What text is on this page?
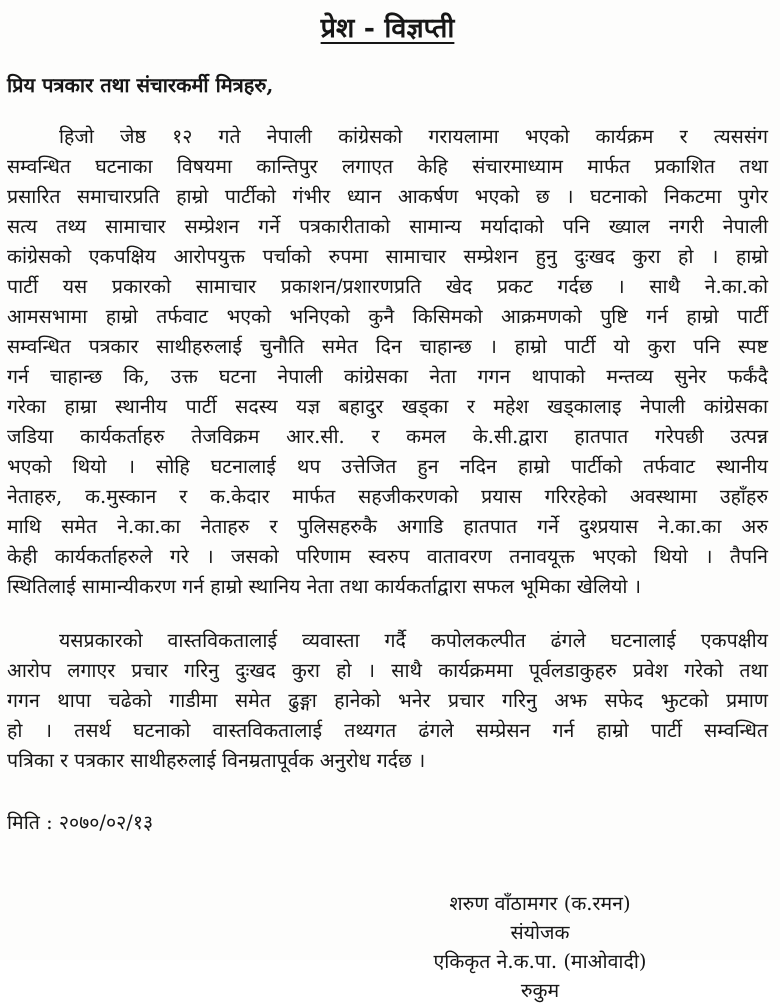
प्रेश - विज्ञप्ती
प्रिय पत्रकार तथा संचारकर्मी मित्रहरु,
हिजो जेष्ठ १२ गते नेपाली कांग्रेसको गरायलामा भएको कार्यक्रम र त्यससंग
सम्वन्धित घटनाका विषयमा कान्तिपुर लगाएत केहि संचारमाध्याम मार्फत प्रकाशित तथा
प्रसारित समाचारप्रति हाम्रो पार्टीको गंभीर ध्यान आकर्षण भएको छ । घटनाको निकटमा पुगेर
सत्य तथ्य सामाचार सम्प्रेशन गर्ने पत्रकारीताको सामान्य मर्यादाको पनि ख्याल नगरी नेपाली
कांग्रेसको एकपक्षिय आरोपयुक्त पर्चाको रुपमा सामाचार सम्प्रेशन हुनु दुःखद कुरा हो । हाम्रो
पार्टी यस प्रकारको सामाचार प्रकाशन/प्रशारणप्रति खेद प्रकट गर्दछ । साथै ने.का.को
आमसभामा हाम्रो तर्फवाट भएको भनिएको कुनै किसिमको आक्रमणको पुष्टि गर्न हाम्रो पार्टी
सम्वन्धित पत्रकार साथीहरुलाई चुनौति समेत दिन चाहान्छ । हाम्रो पार्टी यो कुरा पनि स्पष्ट
गर्न चाहान्छ कि, उक्त घटना नेपाली कांग्रेसका नेता गगन थापाको मन्तव्य सुनेर फर्कंदै
गरेका हाम्रा स्थानीय पार्टी सदस्य यज्ञ बहादुर खड्का र महेश खड्कालाइ नेपाली कांग्रेसका
जडिया कार्यकर्ताहरु तेजविक्रम आर.सी. र कमल के.सी.द्वारा हातपात गरेपछी उत्पन्न
भएको थियो । सोहि घटनालाई थप उत्तेजित हुन नदिन हाम्रो पार्टीको तर्फवाट स्थानीय
नेताहरु, क.मुस्कान र क.केदार मार्फत सहजीकरणको प्रयास गरिरहेको अवस्थामा उहाँहरु
माथि समेत ने.का.का नेताहरु र पुलिसहरुकै अगाडि हातपात गर्ने दुश्प्रयास ने.का.का अरु
केही कार्यकर्ताहरुले गरे । जसको परिणाम स्वरुप वातावरण तनावयूक्त भएको थियो । तैपनि
स्थितिलाई सामान्यीकरण गर्न हाम्रो स्थानिय नेता तथा कार्यकर्ताद्वारा सफल भूमिका खेलियो ।
यसप्रकारको वास्तविकतालाई व्यवास्ता गर्दै कपोलकल्पीत ढंगले घटनालाई एकपक्षीय
आरोप लगाएर प्रचार गरिनु दुःखद कुरा हो । साथै कार्यक्रममा पूर्वलडाकुहरु प्रवेश गरेको तथा
गगन थापा चढेको गाडीमा समेत ढुङ्गा हानेको भनेर प्रचार गरिनु अझ सफेद झुटको प्रमाण
हो । तसर्थ घटनाको वास्तविकतालाई तथ्यगत ढंगले सम्प्रेसन गर्न हाम्रो पार्टी सम्वन्धित
पत्रिका र पत्रकार साथीहरुलाई विनम्रतापूर्वक अनुरोध गर्दछ ।
मिति : २०७०/०२/१३
शरुण वाँठामगर (क.रमन)
संयोजक
एकिकृत ने.क.पा. (माओवादी)
रुकुम
